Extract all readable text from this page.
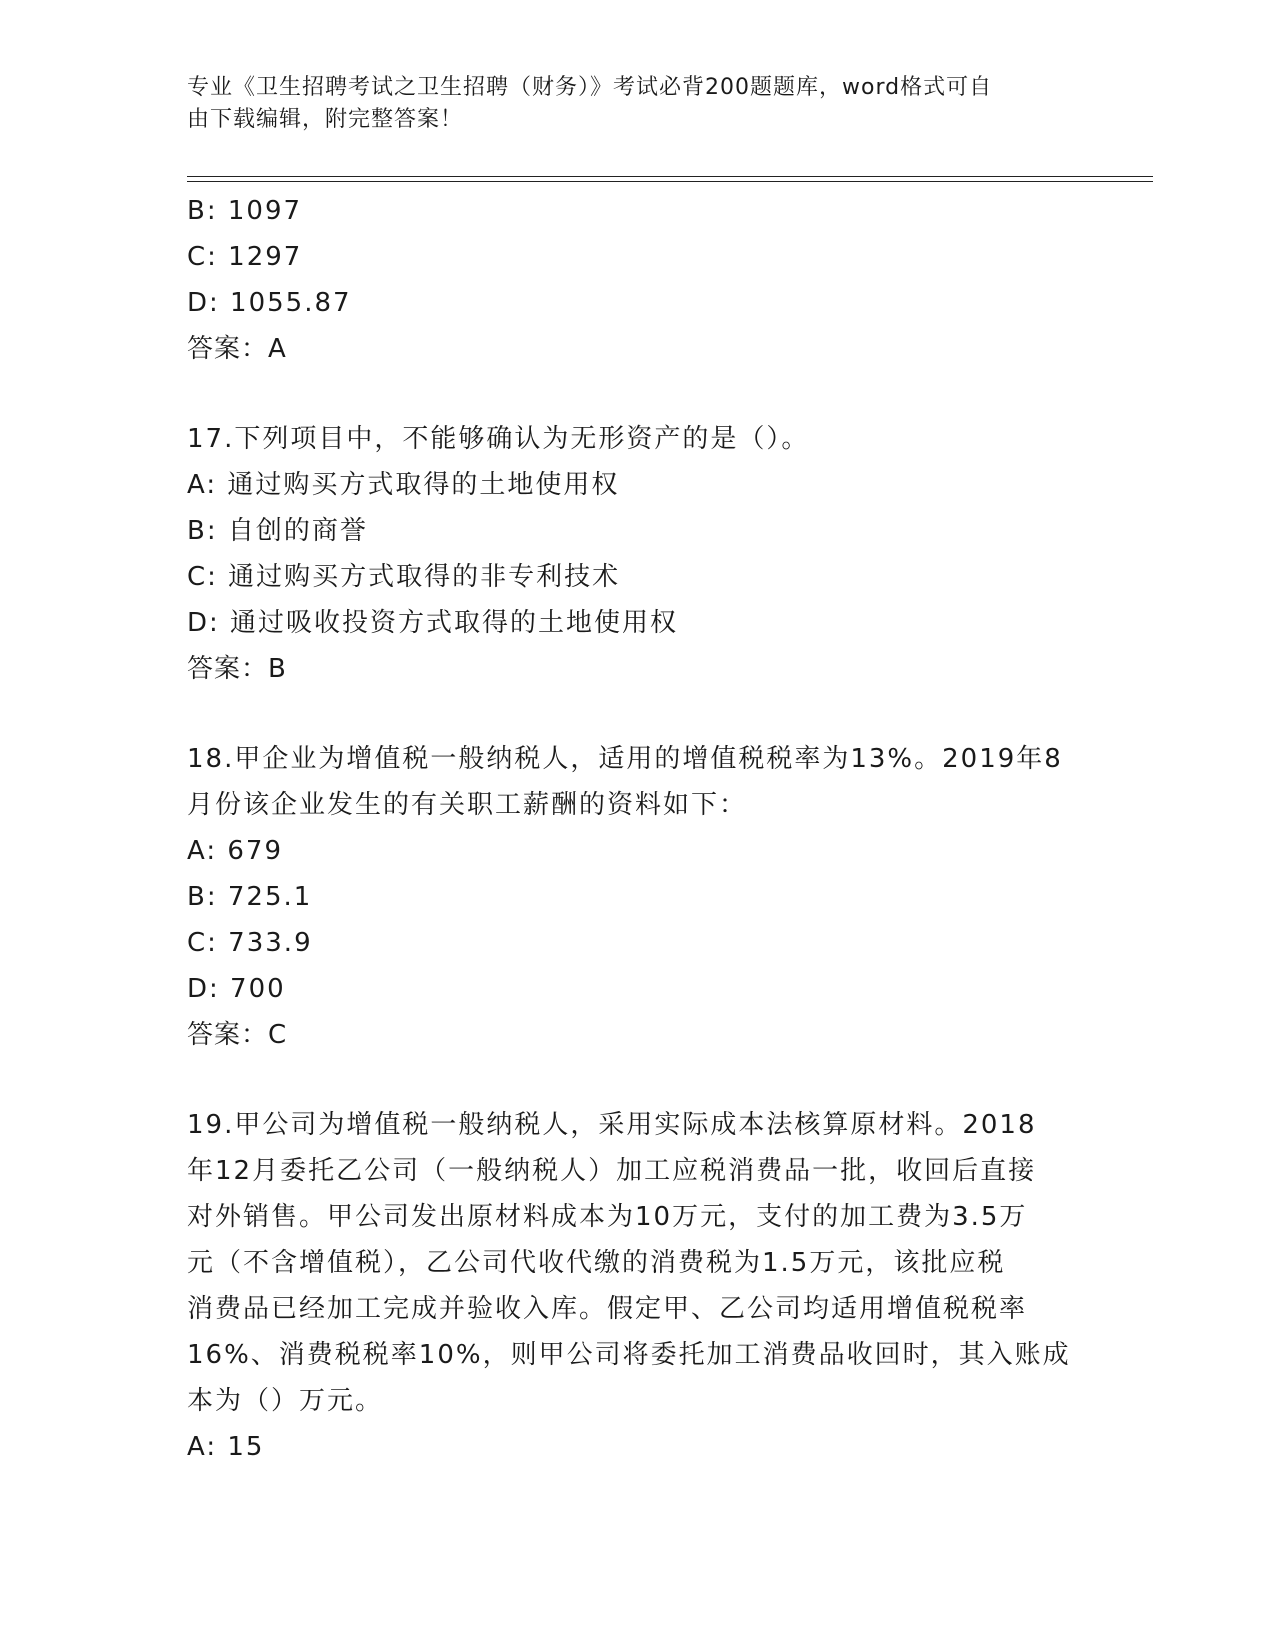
专业《卫生招聘考试之卫生招聘（财务）》考试必背200题题库，word格式可自
由下载编辑，附完整答案！
B: 1097
C: 1297
D: 1055.87
答案：A
17.下列项目中，不能够确认为无形资产的是（）。
A: 通过购买方式取得的土地使用权
B: 自创的商誉
C: 通过购买方式取得的非专利技术
D: 通过吸收投资方式取得的土地使用权
答案：B
18.甲企业为增值税一般纳税人，适用的增值税税率为13%。2019年8
月份该企业发生的有关职工薪酬的资料如下：
A: 679
B: 725.1
C: 733.9
D: 700
答案：C
19.甲公司为增值税一般纳税人，采用实际成本法核算原材料。2018
年12月委托乙公司（一般纳税人）加工应税消费品一批，收回后直接
对外销售。甲公司发出原材料成本为10万元，支付的加工费为3.5万
元（不含增值税），乙公司代收代缴的消费税为1.5万元，该批应税
消费品已经加工完成并验收入库。假定甲、乙公司均适用增值税税率
16%、消费税税率10%，则甲公司将委托加工消费品收回时，其入账成
本为（）万元。
A: 15
